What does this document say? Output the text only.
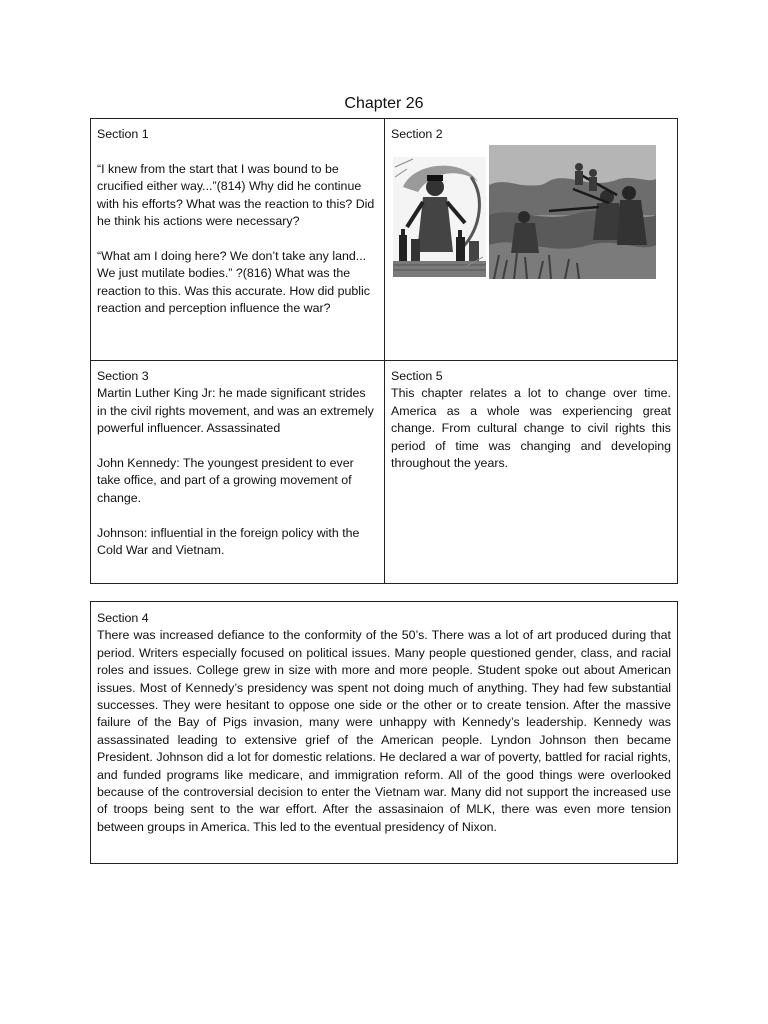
Chapter 26
Section 1

“I knew from the start that I was bound to be crucified either way...”(814) Why did he continue with his efforts? What was the reaction to this? Did he think his actions were necessary?

“What am I doing here? We don’t take any land... We just mutilate bodies.” ?(816) What was the reaction to this. Was this accurate. How did public reaction and perception influence the war?

Section 2
Section 3

Martin Luther King Jr: he made significant strides in the civil rights movement, and was an extremely powerful influencer. Assassinated

John Kennedy: The youngest president to ever take office, and part of a growing movement of change.

Johnson: influential in the foreign policy with the Cold War and Vietnam.

Section 5

This chapter relates a lot to change over time. America as a whole was experiencing great change. From cultural change to civil rights this period of time was changing and developing throughout the years.

Section 4

There was increased defiance to the conformity of the 50’s. There was a lot of art produced during that period. Writers especially focused on political issues. Many people questioned gender, class, and racial roles and issues. College grew in size with more and more people. Student spoke out about American issues. Most of Kennedy’s presidency was spent not doing much of anything. They had few substantial successes. They were hesitant to oppose one side or the other or to create tension. After the massive failure of the Bay of Pigs invasion, many were unhappy with Kennedy’s leadership. Kennedy was assassinated leading to extensive grief of the American people. Lyndon Johnson then became President. Johnson did a lot for domestic relations. He declared a war of poverty, battled for racial rights, and funded programs like medicare, and immigration reform. All of the good things were overlooked because of the controversial decision to enter the Vietnam war. Many did not support the increased use of troops being sent to the war effort. After the assasinaion of MLK, there was even more tension between groups in America. This led to the eventual presidency of Nixon.
